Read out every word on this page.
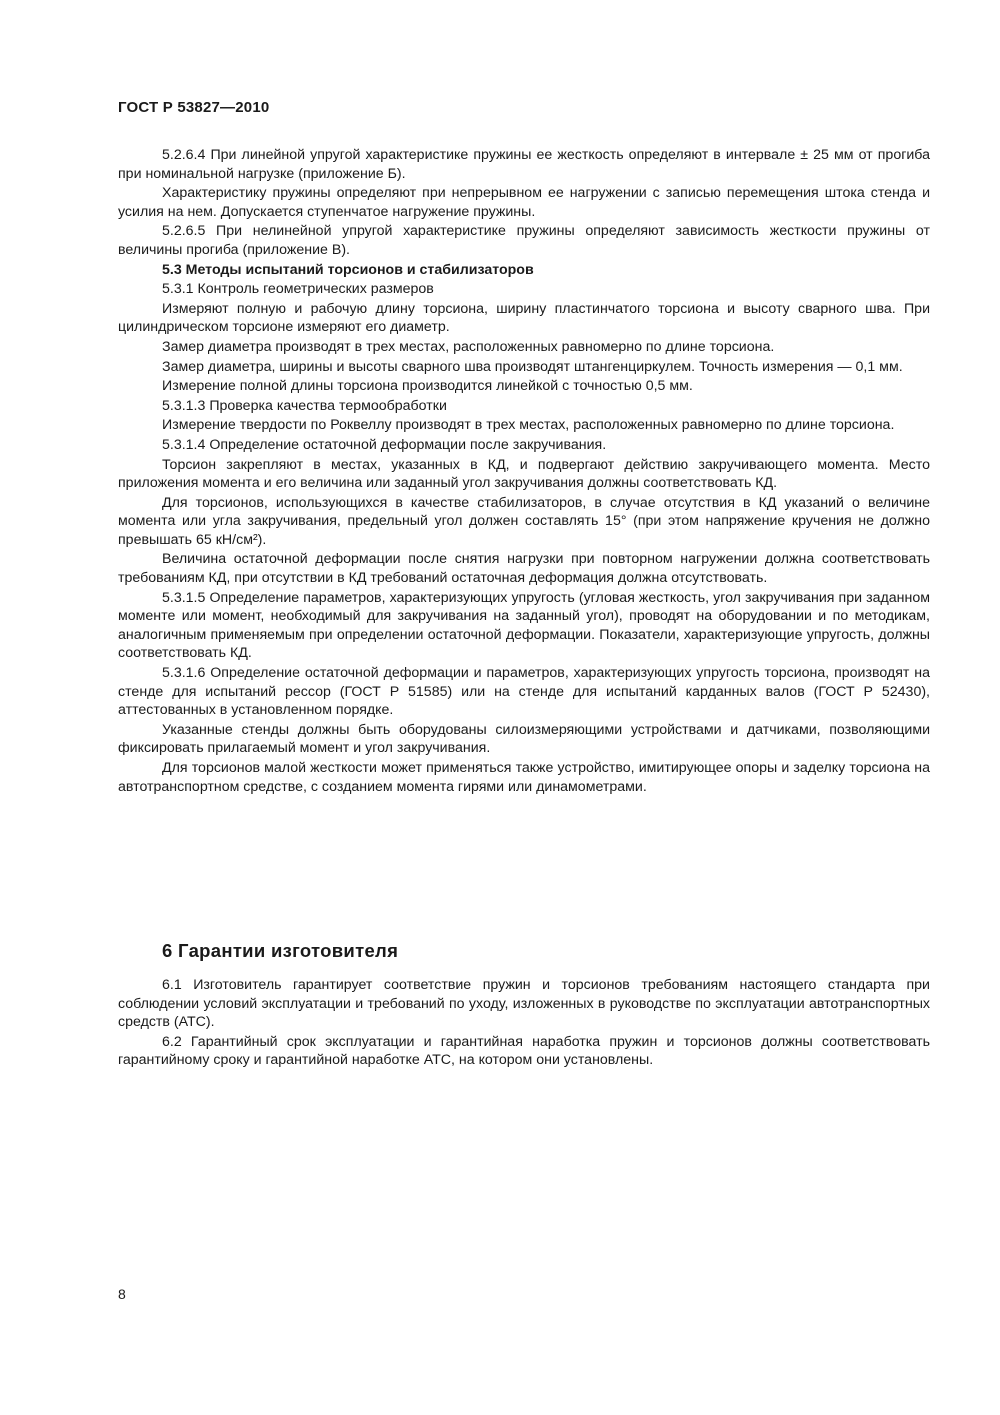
ГОСТ Р 53827—2010

5.2.6.4 При линейной упругой характеристике пружины ее жесткость определяют в интервале ± 25 мм от прогиба при номинальной нагрузке (приложение Б).

Характеристику пружины определяют при непрерывном ее нагружении с записью перемещения штока стенда и усилия на нем. Допускается ступенчатое нагружение пружины.

5.2.6.5 При нелинейной упругой характеристике пружины определяют зависимость жесткости пружины от величины прогиба (приложение В).

5.3 Методы испытаний торсионов и стабилизаторов

5.3.1 Контроль геометрических размеров

Измеряют полную и рабочую длину торсиона, ширину пластинчатого торсиона и высоту сварного шва. При цилиндрическом торсионе измеряют его диаметр.

Замер диаметра производят в трех местах, расположенных равномерно по длине торсиона.

Замер диаметра, ширины и высоты сварного шва производят штангенциркулем. Точность измерения — 0,1 мм.

Измерение полной длины торсиона производится линейкой с точностью 0,5 мм.

5.3.1.3 Проверка качества термообработки

Измерение твердости по Роквеллу производят в трех местах, расположенных равномерно по длине торсиона.

5.3.1.4 Определение остаточной деформации после закручивания.

Торсион закрепляют в местах, указанных в КД, и подвергают действию закручивающего момента. Место приложения момента и его величина или заданный угол закручивания должны соответствовать КД.

Для торсионов, использующихся в качестве стабилизаторов, в случае отсутствия в КД указаний о величине момента или угла закручивания, предельный угол должен составлять 15° (при этом напряжение кручения не должно превышать 65 кН/см²).

Величина остаточной деформации после снятия нагрузки при повторном нагружении должна соответствовать требованиям КД, при отсутствии в КД требований остаточная деформация должна отсутствовать.

5.3.1.5 Определение параметров, характеризующих упругость (угловая жесткость, угол закручивания при заданном моменте или момент, необходимый для закручивания на заданный угол), проводят на оборудовании и по методикам, аналогичным применяемым при определении остаточной деформации. Показатели, характеризующие упругость, должны соответствовать КД.

5.3.1.6 Определение остаточной деформации и параметров, характеризующих упругость торсиона, производят на стенде для испытаний рессор (ГОСТ Р 51585) или на стенде для испытаний карданных валов (ГОСТ Р 52430), аттестованных в установленном порядке.

Указанные стенды должны быть оборудованы силоизмеряющими устройствами и датчиками, позволяющими фиксировать прилагаемый момент и угол закручивания.

Для торсионов малой жесткости может применяться также устройство, имитирующее опоры и заделку торсиона на автотранспортном средстве, с созданием момента гирями или динамометрами.

6 Гарантии изготовителя

6.1 Изготовитель гарантирует соответствие пружин и торсионов требованиям настоящего стандарта при соблюдении условий эксплуатации и требований по уходу, изложенных в руководстве по эксплуатации автотранспортных средств (АТС).

6.2 Гарантийный срок эксплуатации и гарантийная наработка пружин и торсионов должны соответствовать гарантийному сроку и гарантийной наработке АТС, на котором они установлены.

8
